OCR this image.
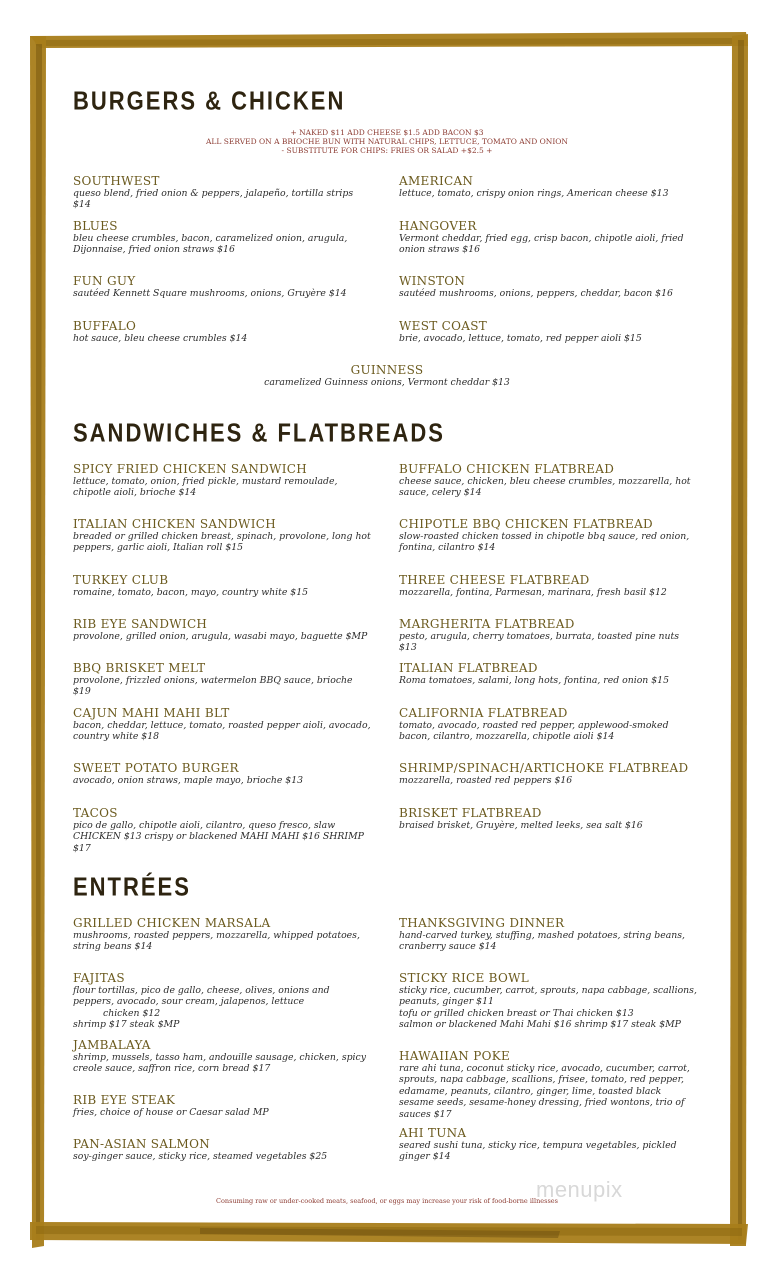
BURGERS & CHICKEN
+ NAKED $11 ADD CHEESE $1.5 ADD BACON $3
ALL SERVED ON A BRIOCHE BUN WITH NATURAL CHIPS, LETTUCE, TOMATO AND ONION
- SUBSTITUTE FOR CHIPS: FRIES OR SALAD +$2.5 +
SOUTHWEST
queso blend, fried onion & peppers, jalapeño, tortilla strips $14
AMERICAN
lettuce, tomato, crispy onion rings, American cheese $13
BLUES
bleu cheese crumbles, bacon, caramelized onion, arugula, Dijonnaise, fried onion straws $16
HANGOVER
Vermont cheddar, fried egg, crisp bacon, chipotle aioli, fried onion straws $16
FUN GUY
sautéed Kennett Square mushrooms, onions, Gruyère $14
WINSTON
sautéed mushrooms, onions, peppers, cheddar, bacon $16
BUFFALO
hot sauce, bleu cheese crumbles $14
WEST COAST
brie, avocado, lettuce, tomato, red pepper aioli $15
GUINNESS
caramelized Guinness onions, Vermont cheddar $13
SANDWICHES & FLATBREADS
SPICY FRIED CHICKEN SANDWICH
lettuce, tomato, onion, fried pickle, mustard remoulade, chipotle aioli, brioche $14
BUFFALO CHICKEN FLATBREAD
cheese sauce, chicken, bleu cheese crumbles, mozzarella, hot sauce, celery $14
ITALIAN CHICKEN SANDWICH
breaded or grilled chicken breast, spinach, provolone, long hot peppers, garlic aioli, Italian roll $15
CHIPOTLE BBQ CHICKEN FLATBREAD
slow-roasted chicken tossed in chipotle bbq sauce, red onion, fontina, cilantro $14
TURKEY CLUB
romaine, tomato, bacon, mayo, country white $15
THREE CHEESE FLATBREAD
mozzarella, fontina, Parmesan, marinara, fresh basil $12
RIB EYE SANDWICH
provolone, grilled onion, arugula, wasabi mayo, baguette $MP
MARGHERITA FLATBREAD
pesto, arugula, cherry tomatoes, burrata, toasted pine nuts $13
BBQ BRISKET MELT
provolone, frizzled onions, watermelon BBQ sauce, brioche $19
ITALIAN FLATBREAD
Roma tomatoes, salami, long hots, fontina, red onion $15
CAJUN MAHI MAHI BLT
bacon, cheddar, lettuce, tomato, roasted pepper aioli, avocado, country white $18
CALIFORNIA FLATBREAD
tomato, avocado, roasted red pepper, applewood-smoked bacon, cilantro, mozzarella, chipotle aioli $14
SWEET POTATO BURGER
avocado, onion straws, maple mayo, brioche $13
SHRIMP/SPINACH/ARTICHOKE FLATBREAD
mozzarella, roasted red peppers $16
TACOS
pico de gallo, chipotle aioli, cilantro, queso fresco, slaw
CHICKEN $13 crispy or blackened MAHI MAHI $16 SHRIMP $17
BRISKET FLATBREAD
braised brisket, Gruyère, melted leeks, sea salt $16
ENTRÉES
GRILLED CHICKEN MARSALA
mushrooms, roasted peppers, mozzarella, whipped potatoes, string beans $14
THANKSGIVING DINNER
hand-carved turkey, stuffing, mashed potatoes, string beans, cranberry sauce $14
FAJITAS
flour tortillas, pico de gallo, cheese, olives, onions and peppers, avocado, sour cream, jalapenos, lettuce chicken $12
shrimp $17 steak $MP
STICKY RICE BOWL
sticky rice, cucumber, carrot, sprouts, napa cabbage, scallions, peanuts, ginger $11
tofu or grilled chicken breast or Thai chicken $13
salmon or blackened Mahi Mahi $16 shrimp $17 steak $MP
JAMBALAYA
shrimp, mussels, tasso ham, andouille sausage, chicken, spicy creole sauce, saffron rice, corn bread $17
HAWAIIAN POKE
rare ahi tuna, coconut sticky rice, avocado, cucumber, carrot, sprouts, napa cabbage, scallions, frisee, tomato, red pepper, edamame, peanuts, cilantro, ginger, lime, toasted black sesame seeds, sesame-honey dressing, fried wontons, trio of sauces $17
RIB EYE STEAK
fries, choice of house or Caesar salad MP
AHI TUNA
seared sushi tuna, sticky rice, tempura vegetables, pickled ginger $14
PAN-ASIAN SALMON
soy-ginger sauce, sticky rice, steamed vegetables $25
menupix
Consuming raw or under-cooked meats, seafood, or eggs may increase your risk of food-borne illnesses
